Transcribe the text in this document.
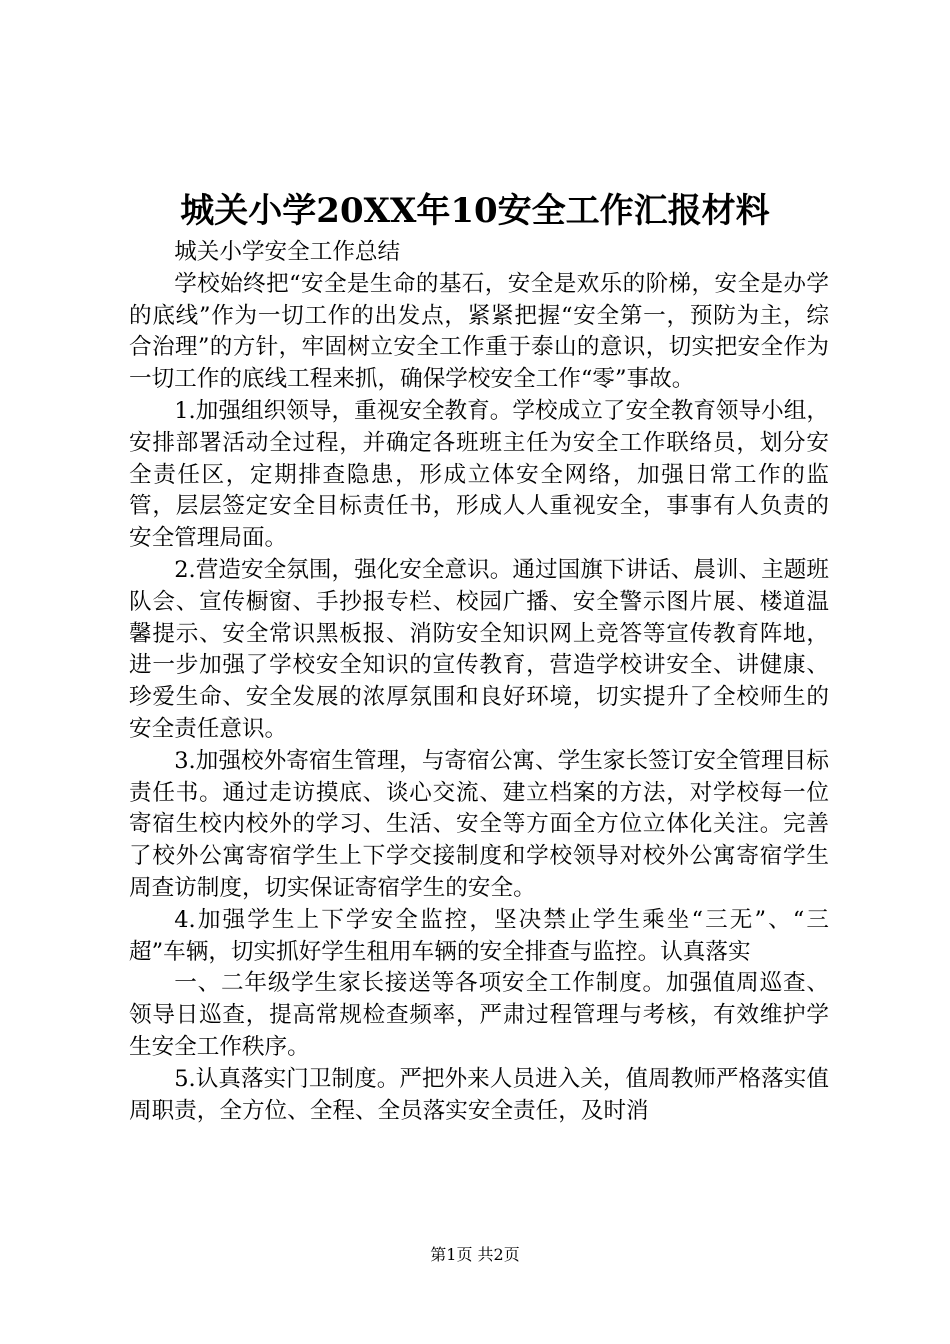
城关小学20XX年10安全工作汇报材料

城关小学安全工作总结

学校始终把“安全是生命的基石，安全是欢乐的阶梯，安全是办学的底线”作为一切工作的出发点，紧紧把握“安全第一，预防为主，综合治理”的方针，牢固树立安全工作重于泰山的意识，切实把安全作为一切工作的底线工程来抓，确保学校安全工作“零”事故。

1.加强组织领导，重视安全教育。学校成立了安全教育领导小组，安排部署活动全过程，并确定各班班主任为安全工作联络员，划分安全责任区，定期排查隐患，形成立体安全网络，加强日常工作的监管，层层签定安全目标责任书，形成人人重视安全，事事有人负责的安全管理局面。

2.营造安全氛围，强化安全意识。通过国旗下讲话、晨训、主题班队会、宣传橱窗、手抄报专栏、校园广播、安全警示图片展、楼道温馨提示、安全常识黑板报、消防安全知识网上竞答等宣传教育阵地，进一步加强了学校安全知识的宣传教育，营造学校讲安全、讲健康、珍爱生命、安全发展的浓厚氛围和良好环境，切实提升了全校师生的安全责任意识。

3.加强校外寄宿生管理，与寄宿公寓、学生家长签订安全管理目标责任书。通过走访摸底、谈心交流、建立档案的方法，对学校每一位寄宿生校内校外的学习、生活、安全等方面全方位立体化关注。完善了校外公寓寄宿学生上下学交接制度和学校领导对校外公寓寄宿学生周查访制度，切实保证寄宿学生的安全。

4.加强学生上下学安全监控，坚决禁止学生乘坐“三无”、“三超”车辆，切实抓好学生租用车辆的安全排查与监控。认真落实

一、二年级学生家长接送等各项安全工作制度。加强值周巡查、领导日巡查，提高常规检查频率，严肃过程管理与考核，有效维护学生安全工作秩序。

5.认真落实门卫制度。严把外来人员进入关，值周教师严格落实值周职责，全方位、全程、全员落实安全责任，及时消

第1页 共2页
